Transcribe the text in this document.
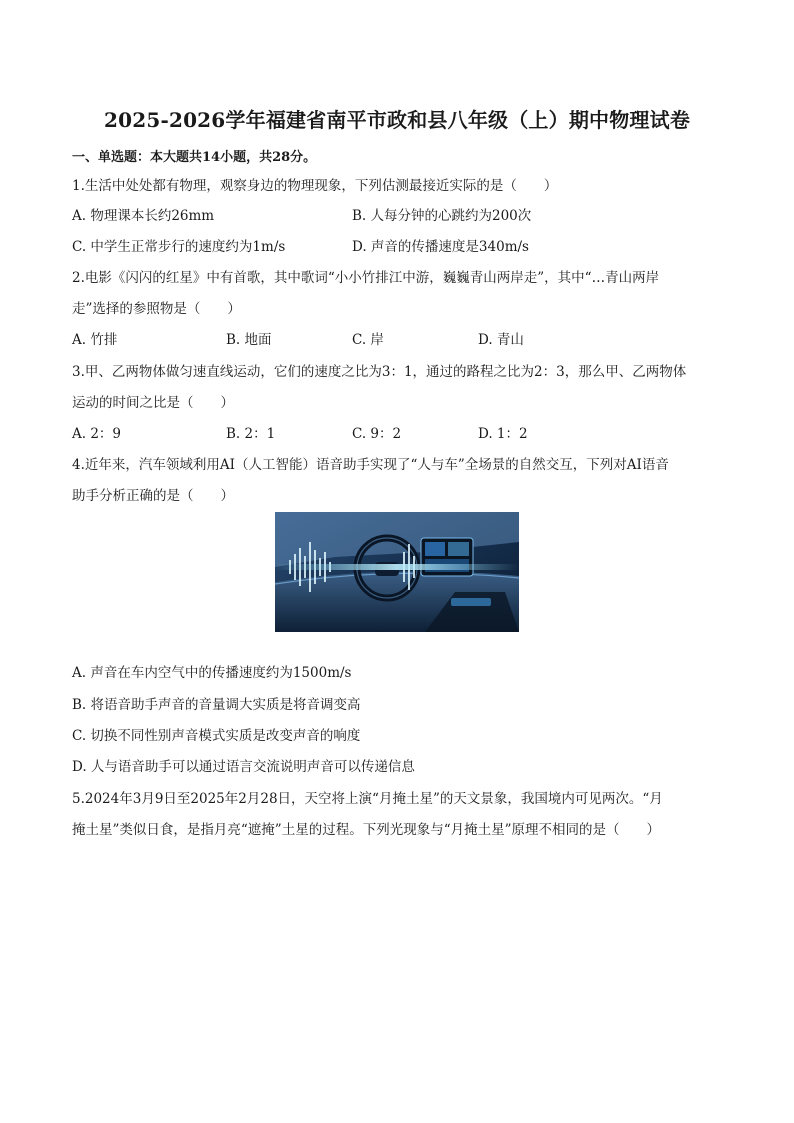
2025-2026学年福建省南平市政和县八年级（上）期中物理试卷
一、单选题：本大题共14小题，共28分。
1.生活中处处都有物理，观察身边的物理现象，下列估测最接近实际的是（　　）
A. 物理课本长约26mm	B. 人每分钟的心跳约为200次
C. 中学生正常步行的速度约为1m/s	D. 声音的传播速度是340m/s
2.电影《闪闪的红星》中有首歌，其中歌词“小小竹排江中游，巍巍青山两岸走”，其中“…青山两岸
走”选择的参照物是（　　）
A. 竹排	B. 地面	C. 岸	D. 青山
3.甲、乙两物体做匀速直线运动，它们的速度之比为3：1，通过的路程之比为2：3，那么甲、乙两物体
运动的时间之比是（　　）
A. 2：9	B. 2：1	C. 9：2	D. 1：2
4.近年来，汽车领域利用AI（人工智能）语音助手实现了“人与车”全场景的自然交互，下列对AI语音
助手分析正确的是（　　）
A. 声音在车内空气中的传播速度约为1500m/s
B. 将语音助手声音的音量调大实质是将音调变高
C. 切换不同性别声音模式实质是改变声音的响度
D. 人与语音助手可以通过语言交流说明声音可以传递信息
5.2024年3月9日至2025年2月28日，天空将上演“月掩土星”的天文景象，我国境内可见两次。“月
掩土星”类似日食，是指月亮“遮掩”土星的过程。下列光现象与“月掩土星”原理不相同的是（　　）
